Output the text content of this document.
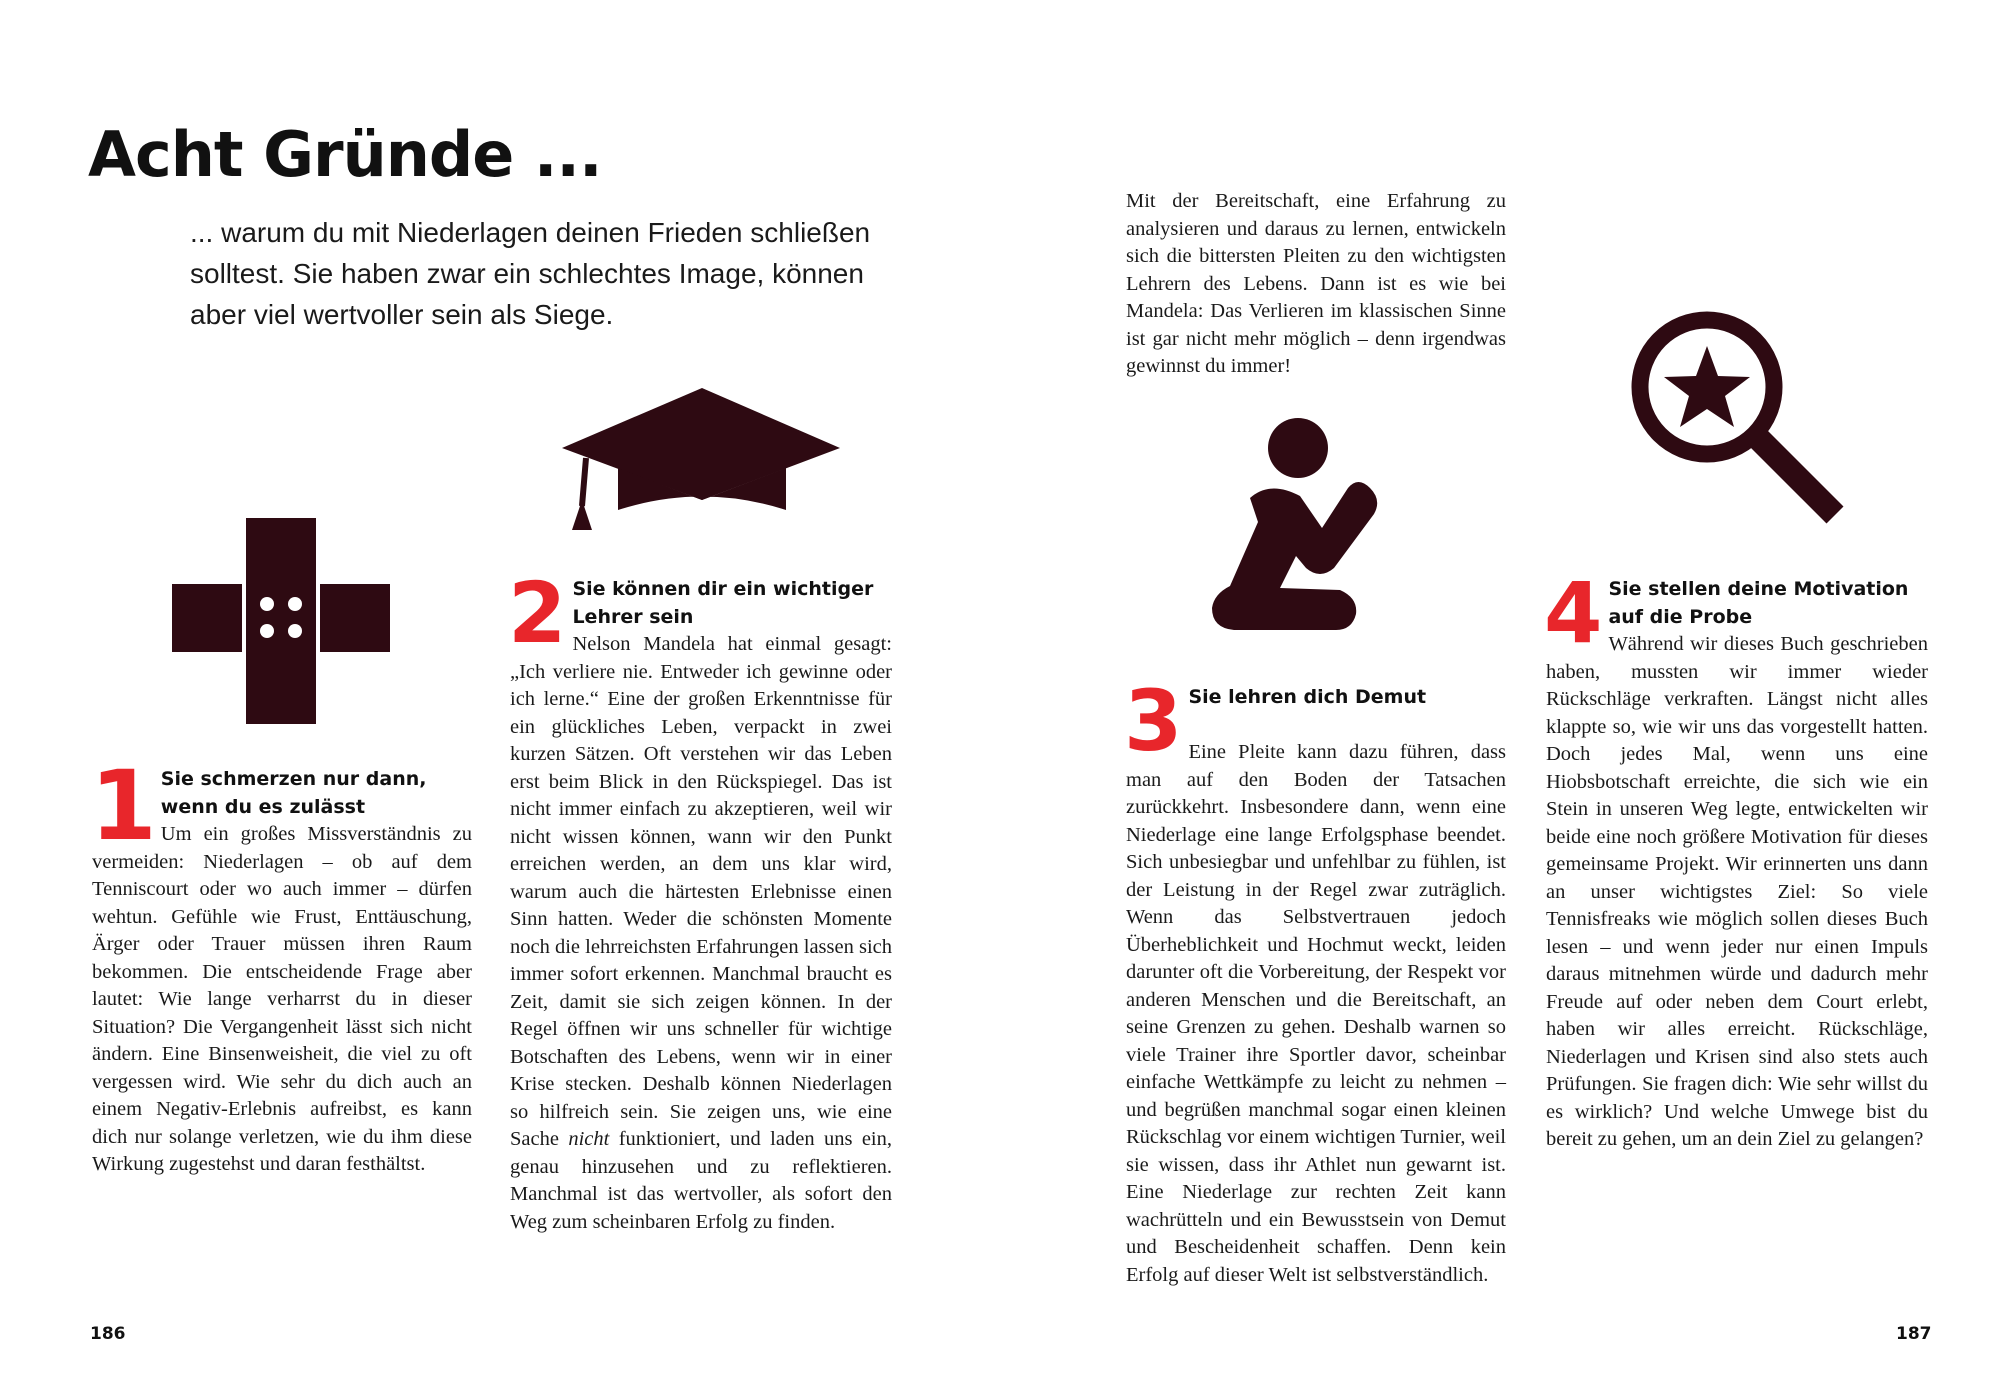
Acht Gründe ...

... warum du mit Niederlagen deinen Frieden schließen solltest. Sie haben zwar ein schlechtes Image, können aber viel wertvoller sein als Siege.

1 Sie schmerzen nur dann, wenn du es zulässt

Um ein großes Missverständnis zu vermeiden: Niederlagen – ob auf dem Tenniscourt oder wo auch immer – dürfen wehtun. Gefühle wie Frust, Enttäuschung, Ärger oder Trauer müssen ihren Raum bekommen. Die entscheidende Frage aber lautet: Wie lange verharrst du in dieser Situation? Die Vergangenheit lässt sich nicht ändern. Eine Binsenweisheit, die viel zu oft vergessen wird. Wie sehr du dich auch an einem Negativ-Erlebnis aufreibst, es kann dich nur solange verletzen, wie du ihm diese Wirkung zugestehst und daran festhältst.

2 Sie können dir ein wichtiger Lehrer sein

Nelson Mandela hat einmal gesagt: „Ich verliere nie. Entweder ich gewinne oder ich lerne.“ Eine der großen Erkenntnisse für ein glückliches Leben, verpackt in zwei kurzen Sätzen. Oft verstehen wir das Leben erst beim Blick in den Rückspiegel. Das ist nicht immer einfach zu akzeptieren, weil wir nicht wissen können, wann wir den Punkt erreichen werden, an dem uns klar wird, warum auch die härtesten Erlebnisse einen Sinn hatten. Weder die schönsten Momente noch die lehrreichsten Erfahrungen lassen sich immer sofort erkennen. Manchmal braucht es Zeit, damit sie sich zeigen können. In der Regel öffnen wir uns schneller für wichtige Botschaften des Lebens, wenn wir in einer Krise stecken. Deshalb können Niederlagen so hilfreich sein. Sie zeigen uns, wie eine Sache nicht funktioniert, und laden uns ein, genau hinzusehen und zu reflektieren. Manchmal ist das wertvoller, als sofort den Weg zum scheinbaren Erfolg zu finden.

Mit der Bereitschaft, eine Erfahrung zu analysieren und daraus zu lernen, entwickeln sich die bittersten Pleiten zu den wichtigsten Lehrern des Lebens. Dann ist es wie bei Mandela: Das Verlieren im klassischen Sinne ist gar nicht mehr möglich – denn irgendwas gewinnst du immer!

3 Sie lehren dich Demut

Eine Pleite kann dazu führen, dass man auf den Boden der Tatsachen zurückkehrt. Insbesondere dann, wenn eine Niederlage eine lange Erfolgsphase beendet. Sich unbesiegbar und unfehlbar zu fühlen, ist der Leistung in der Regel zwar zuträglich. Wenn das Selbstvertrauen jedoch Überheblichkeit und Hochmut weckt, leiden darunter oft die Vorbereitung, der Respekt vor anderen Menschen und die Bereitschaft, an seine Grenzen zu gehen. Deshalb warnen so viele Trainer ihre Sportler davor, scheinbar einfache Wettkämpfe zu leicht zu nehmen – und begrüßen manchmal sogar einen kleinen Rückschlag vor einem wichtigen Turnier, weil sie wissen, dass ihr Athlet nun gewarnt ist. Eine Niederlage zur rechten Zeit kann wachrütteln und ein Bewusstsein von Demut und Bescheidenheit schaffen. Denn kein Erfolg auf dieser Welt ist selbstverständlich.

4 Sie stellen deine Motivation auf die Probe

Während wir dieses Buch geschrieben haben, mussten wir immer wieder Rückschläge verkraften. Längst nicht alles klappte so, wie wir uns das vorgestellt hatten. Doch jedes Mal, wenn uns eine Hiobsbotschaft erreichte, die sich wie ein Stein in unseren Weg legte, entwickelten wir beide eine noch größere Motivation für dieses gemeinsame Projekt. Wir erinnerten uns dann an unser wichtigstes Ziel: So viele Tennisfreaks wie möglich sollen dieses Buch lesen – und wenn jeder nur einen Impuls daraus mitnehmen würde und dadurch mehr Freude auf oder neben dem Court erlebt, haben wir alles erreicht. Rückschläge, Niederlagen und Krisen sind also stets auch Prüfungen. Sie fragen dich: Wie sehr willst du es wirklich? Und welche Umwege bist du bereit zu gehen, um an dein Ziel zu gelangen?

186	187
